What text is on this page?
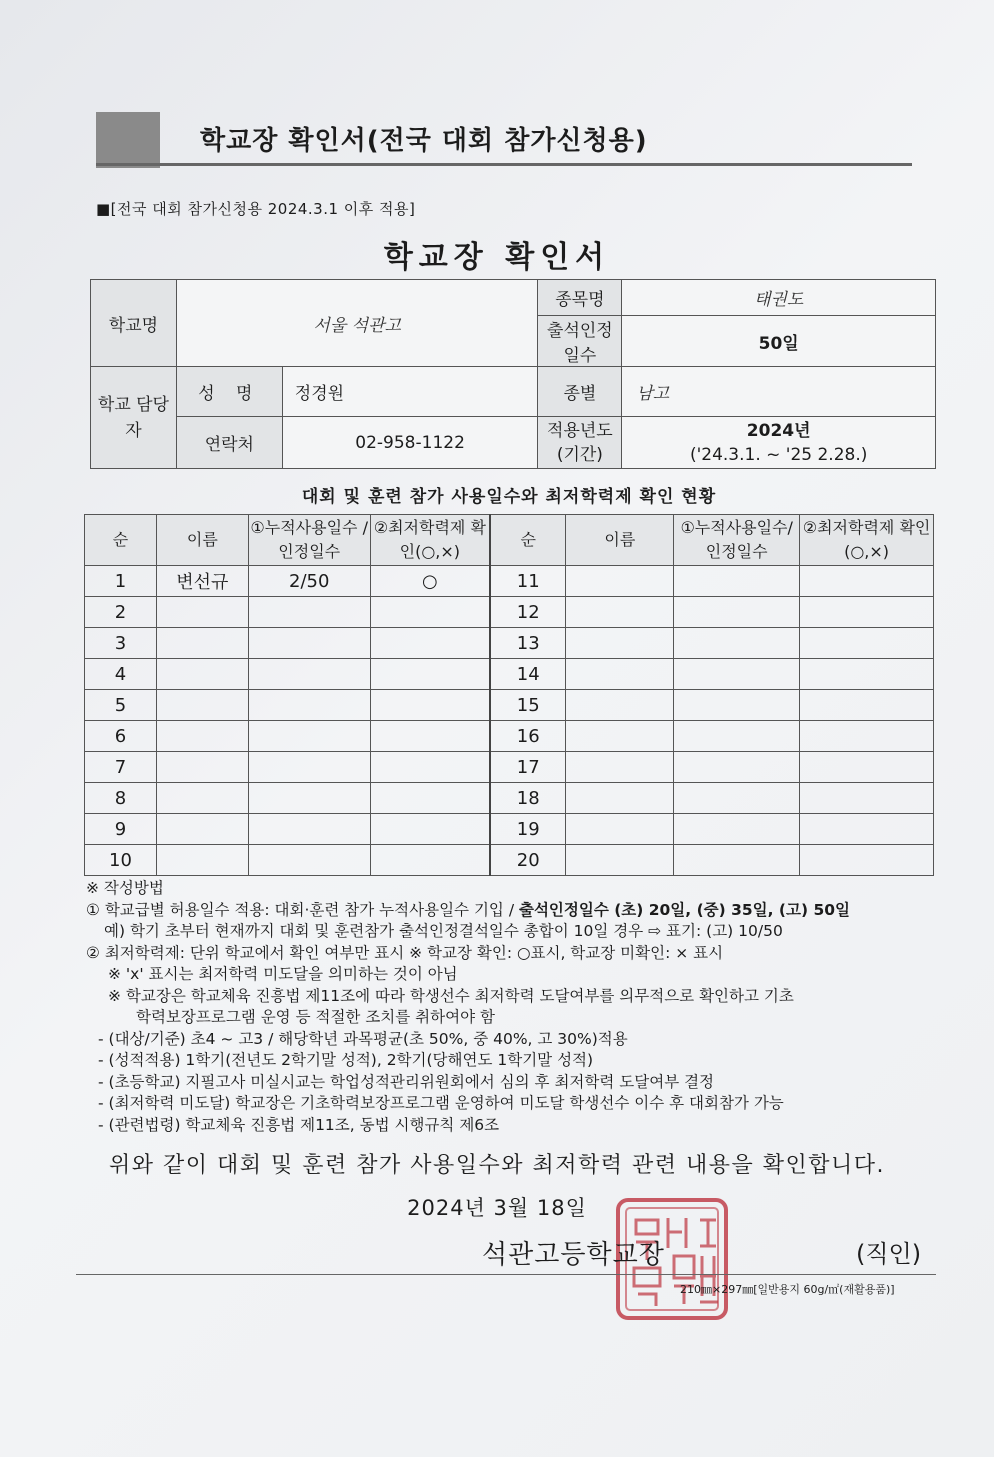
학교장 확인서(전국 대회 참가신청용)
■[전국 대회 참가신청용 2024.3.1 이후 적용]
학교장 확인서
학교명	서울 석관고		종목명	태권도
			출석인정 일수	50일
학교 담당자	성 명	정경원	종별	남고
	연락처	02-958-1122	적용년도 (기간)	2024년
('24.3.1. ~ '25 2.28.)
대회 및 훈련 참가 사용일수와 최저학력제 확인 현황
순	이름	①누적사용일수 /인정일수	②최저학력제 확인(○,×)	순	이름	①누적사용일수/ 인정일수	②최저학력제 확인(○,×)
1	변선규	2/50	○	11			
2				12			
3				13			
4				14			
5				15			
6				16			
7				17			
8				18			
9				19			
10				20			
※ 작성방법
① 학교급별 허용일수 적용: 대회·훈련 참가 누적사용일수 기입 / 출석인정일수 (초) 20일, (중) 35일, (고) 50일
예) 학기 초부터 현재까지 대회 및 훈련참가 출석인정결석일수 총합이 10일 경우 ⇨ 표기: (고) 10/50
② 최저학력제: 단위 학교에서 확인 여부만 표시 ※ 학교장 확인: ○표시, 학교장 미확인: × 표시
※ 'x' 표시는 최저학력 미도달을 의미하는 것이 아님
※ 학교장은 학교체육 진흥법 제11조에 따라 학생선수 최저학력 도달여부를 의무적으로 확인하고 기초
학력보장프로그램 운영 등 적절한 조치를 취하여야 함
- (대상/기준) 초4 ~ 고3 / 해당학년 과목평균(초 50%, 중 40%, 고 30%)적용
- (성적적용) 1학기(전년도 2학기말 성적), 2학기(당해연도 1학기말 성적)
- (초등학교) 지필고사 미실시교는 학업성적관리위원회에서 심의 후 최저학력 도달여부 결정
- (최저학력 미도달) 학교장은 기초학력보장프로그램 운영하여 미도달 학생선수 이수 후 대회참가 가능
- (관련법령) 학교체육 진흥법 제11조, 동법 시행규칙 제6조
위와 같이 대회 및 훈련 참가 사용일수와 최저학력 관련 내용을 확인합니다.
2024년 3월 18일
석관고등학교장	(직인)
210㎜×297㎜[일반용지 60g/㎡(재활용품)]
